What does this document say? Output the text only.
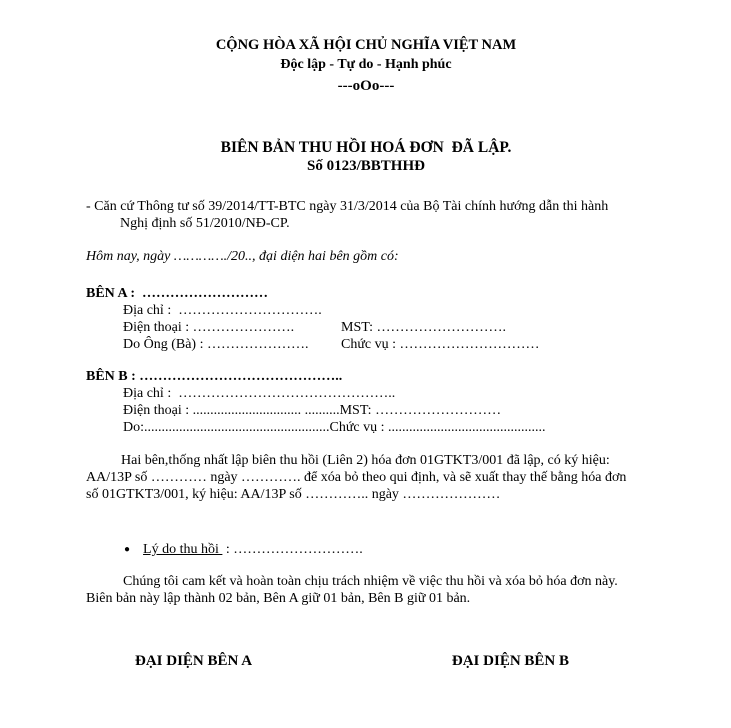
CỘNG HÒA XÃ HỘI CHỦ NGHĨA VIỆT NAM
Độc lập - Tự do - Hạnh phúc
---oOo---
BIÊN BẢN THU HỒI HOÁ ĐƠN  ĐÃ LẬP.
Số 0123/BBTHHĐ
- Căn cứ Thông tư số 39/2014/TT-BTC ngày 31/3/2014 của Bộ Tài chính hướng dẫn thi hành
Nghị định số 51/2010/NĐ-CP.
Hôm nay, ngày …………./20.., đại diện hai bên gồm có:
BÊN A :  ………………………
Địa chỉ :  ………………………….
Điện thoại : ………………….	MST: ……………………….
Do Ông (Bà) : ………………….	Chức vụ : …………………………
BÊN B : ……………………………………..
Địa chỉ :  ………………………………………..
Điện thoại : ............................... ..........MST: ………………………
Do:.....................................................Chức vụ : .............................................
Hai bên,thống nhất lập biên thu hồi (Liên 2) hóa đơn 01GTKT3/001 đã lập, có ký hiệu:
AA/13P số ………… ngày …………. để xóa bỏ theo qui định, và sẽ xuất thay thế bằng hóa đơn
số 01GTKT3/001, ký hiệu: AA/13P số ………….. ngày …………………
● Lý do thu hồi : ……………………….
Chúng tôi cam kết và hoàn toàn chịu trách nhiệm về việc thu hồi và xóa bỏ hóa đơn này.
Biên bản này lập thành 02 bản, Bên A giữ 01 bản, Bên B giữ 01 bản.
ĐẠI DIỆN BÊN A	ĐẠI DIỆN BÊN B
